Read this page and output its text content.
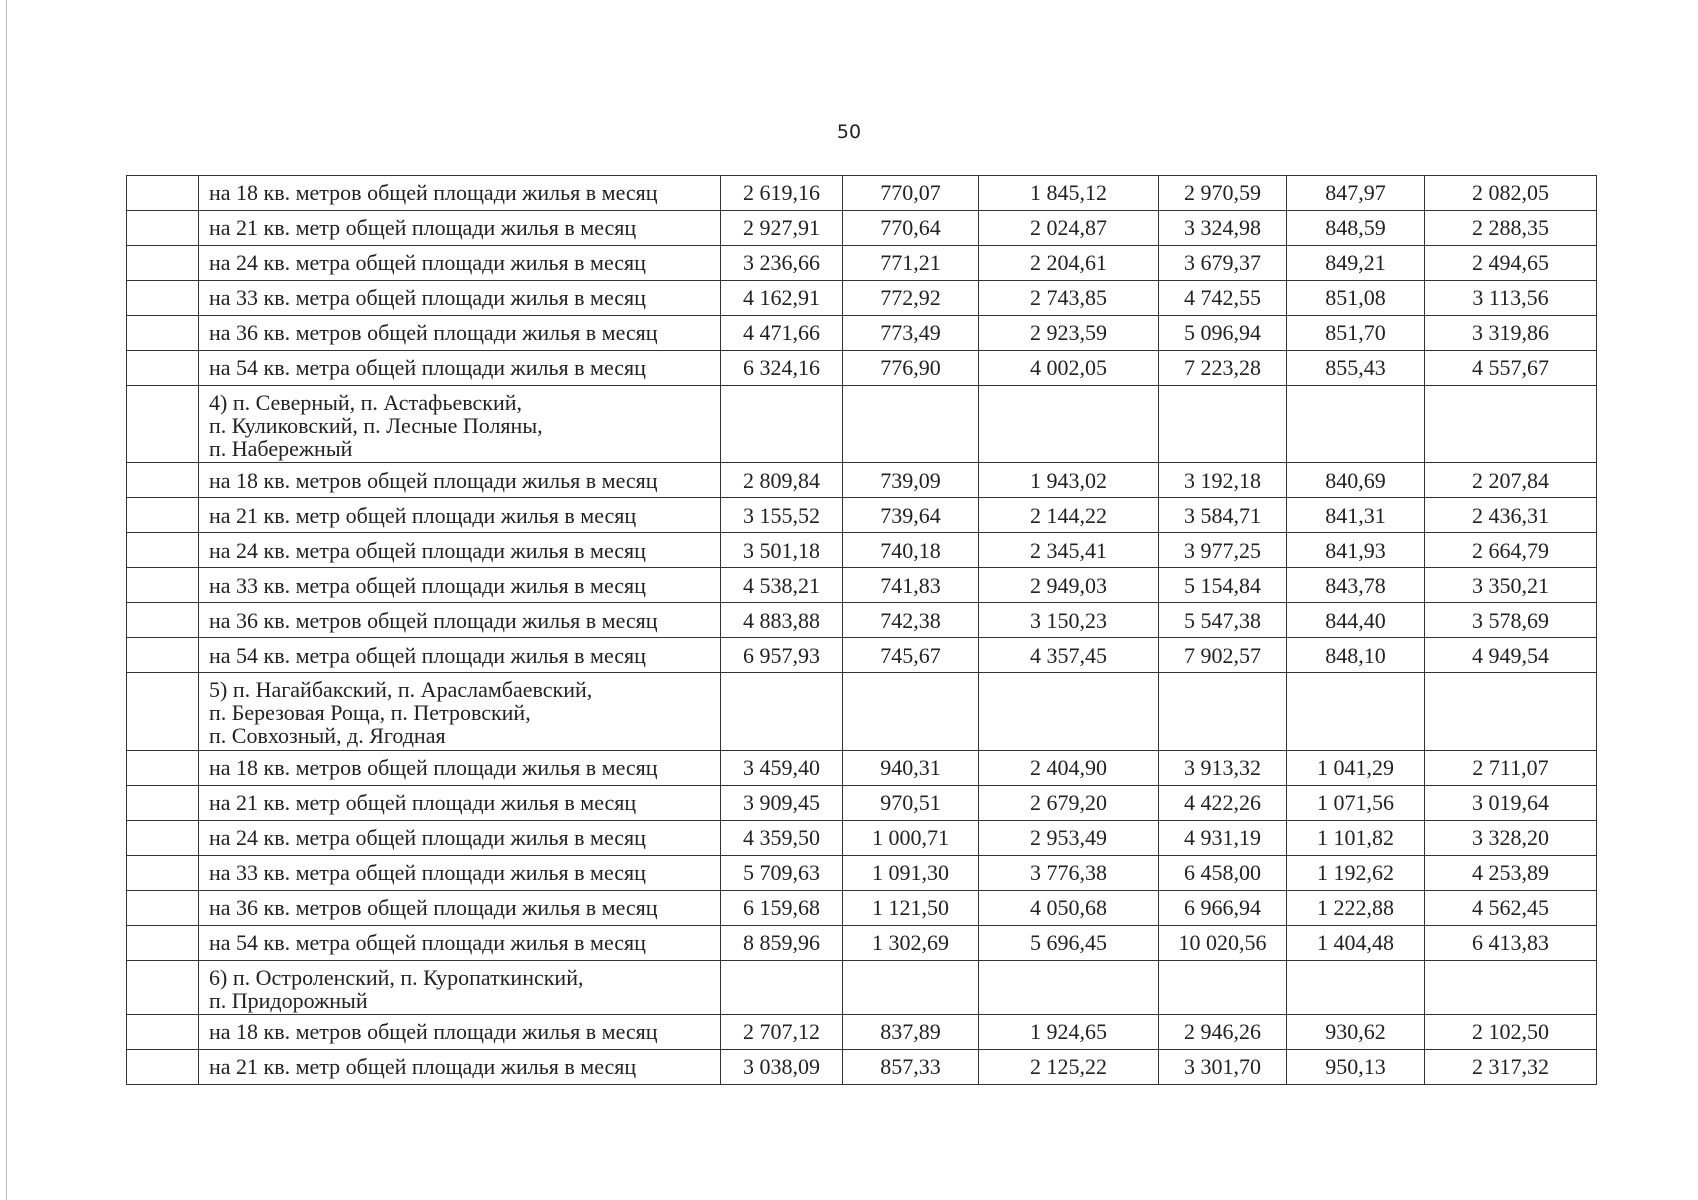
50
	на 18 кв. метров общей площади жилья в месяц	2 619,16	770,07	1 845,12	2 970,59	847,97	2 082,05
	на 21 кв. метр общей площади жилья в месяц	2 927,91	770,64	2 024,87	3 324,98	848,59	2 288,35
	на 24 кв. метра общей площади жилья в месяц	3 236,66	771,21	2 204,61	3 679,37	849,21	2 494,65
	на 33 кв. метра общей площади жилья в месяц	4 162,91	772,92	2 743,85	4 742,55	851,08	3 113,56
	на 36 кв. метров общей площади жилья в месяц	4 471,66	773,49	2 923,59	5 096,94	851,70	3 319,86
	на 54 кв. метра общей площади жилья в месяц	6 324,16	776,90	4 002,05	7 223,28	855,43	4 557,67

	4) п. Северный, п. Астафьевский,
п. Куликовский, п. Лесные Поляны,
п. Набережный						

	на 18 кв. метров общей площади жилья в месяц	2 809,84	739,09	1 943,02	3 192,18	840,69	2 207,84
	на 21 кв. метр общей площади жилья в месяц	3 155,52	739,64	2 144,22	3 584,71	841,31	2 436,31
	на 24 кв. метра общей площади жилья в месяц	3 501,18	740,18	2 345,41	3 977,25	841,93	2 664,79
	на 33 кв. метра общей площади жилья в месяц	4 538,21	741,83	2 949,03	5 154,84	843,78	3 350,21
	на 36 кв. метров общей площади жилья в месяц	4 883,88	742,38	3 150,23	5 547,38	844,40	3 578,69
	на 54 кв. метра общей площади жилья в месяц	6 957,93	745,67	4 357,45	7 902,57	848,10	4 949,54

	5) п. Нагайбакский, п. Араслaмбаевский,
п. Березовая Роща, п. Петровский,
п. Совхозный, д. Ягодная						

	на 18 кв. метров общей площади жилья в месяц	3 459,40	940,31	2 404,90	3 913,32	1 041,29	2 711,07
	на 21 кв. метр общей площади жилья в месяц	3 909,45	970,51	2 679,20	4 422,26	1 071,56	3 019,64
	на 24 кв. метра общей площади жилья в месяц	4 359,50	1 000,71	2 953,49	4 931,19	1 101,82	3 328,20
	на 33 кв. метра общей площади жилья в месяц	5 709,63	1 091,30	3 776,38	6 458,00	1 192,62	4 253,89
	на 36 кв. метров общей площади жилья в месяц	6 159,68	1 121,50	4 050,68	6 966,94	1 222,88	4 562,45
	на 54 кв. метра общей площади жилья в месяц	8 859,96	1 302,69	5 696,45	10 020,56	1 404,48	6 413,83

	6) п. Остроленский, п. Куропаткинский,
п. Придорожный						

	на 18 кв. метров общей площади жилья в месяц	2 707,12	837,89	1 924,65	2 946,26	930,62	2 102,50
	на 21 кв. метр общей площади жилья в месяц	3 038,09	857,33	2 125,22	3 301,70	950,13	2 317,32
